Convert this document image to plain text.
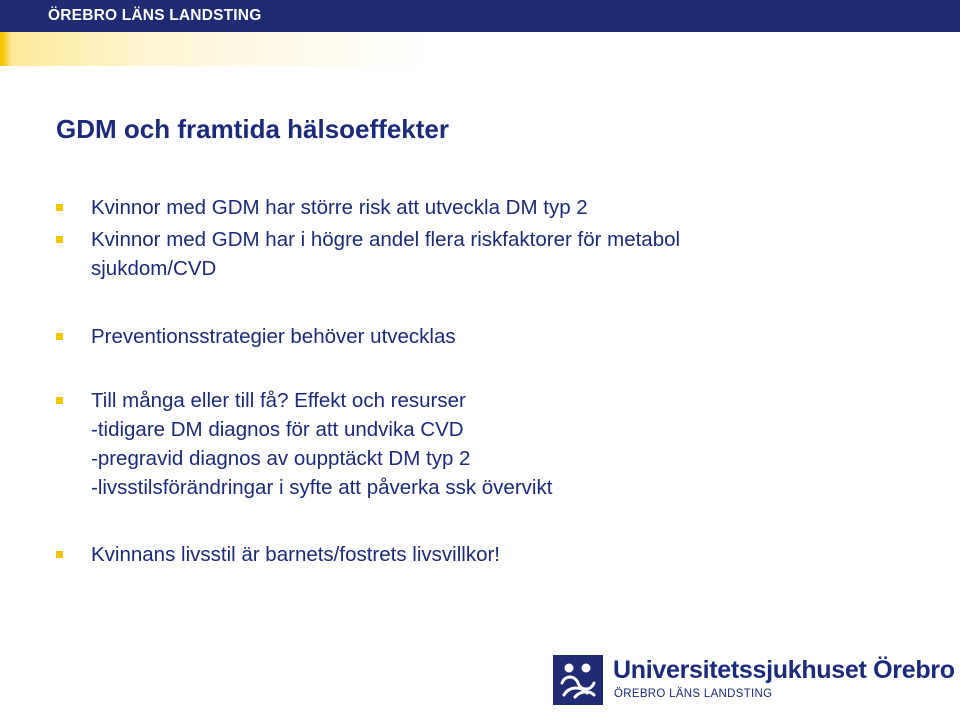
ÖREBRO LÄNS LANDSTING
GDM och framtida hälsoeffekter
Kvinnor med GDM har större risk att utveckla DM typ 2
Kvinnor med GDM har i högre andel flera riskfaktorer för metabol
sjukdom/CVD
Preventionsstrategier behöver utvecklas
Till många eller till få? Effekt och resurser
-tidigare DM diagnos för att undvika CVD
-pregravid diagnos av oupptäckt DM typ 2
-livsstilsförändringar i syfte att påverka ssk övervikt
Kvinnans livsstil är barnets/fostrets livsvillkor!
Universitetssjukhuset Örebro
ÖREBRO LÄNS LANDSTING
